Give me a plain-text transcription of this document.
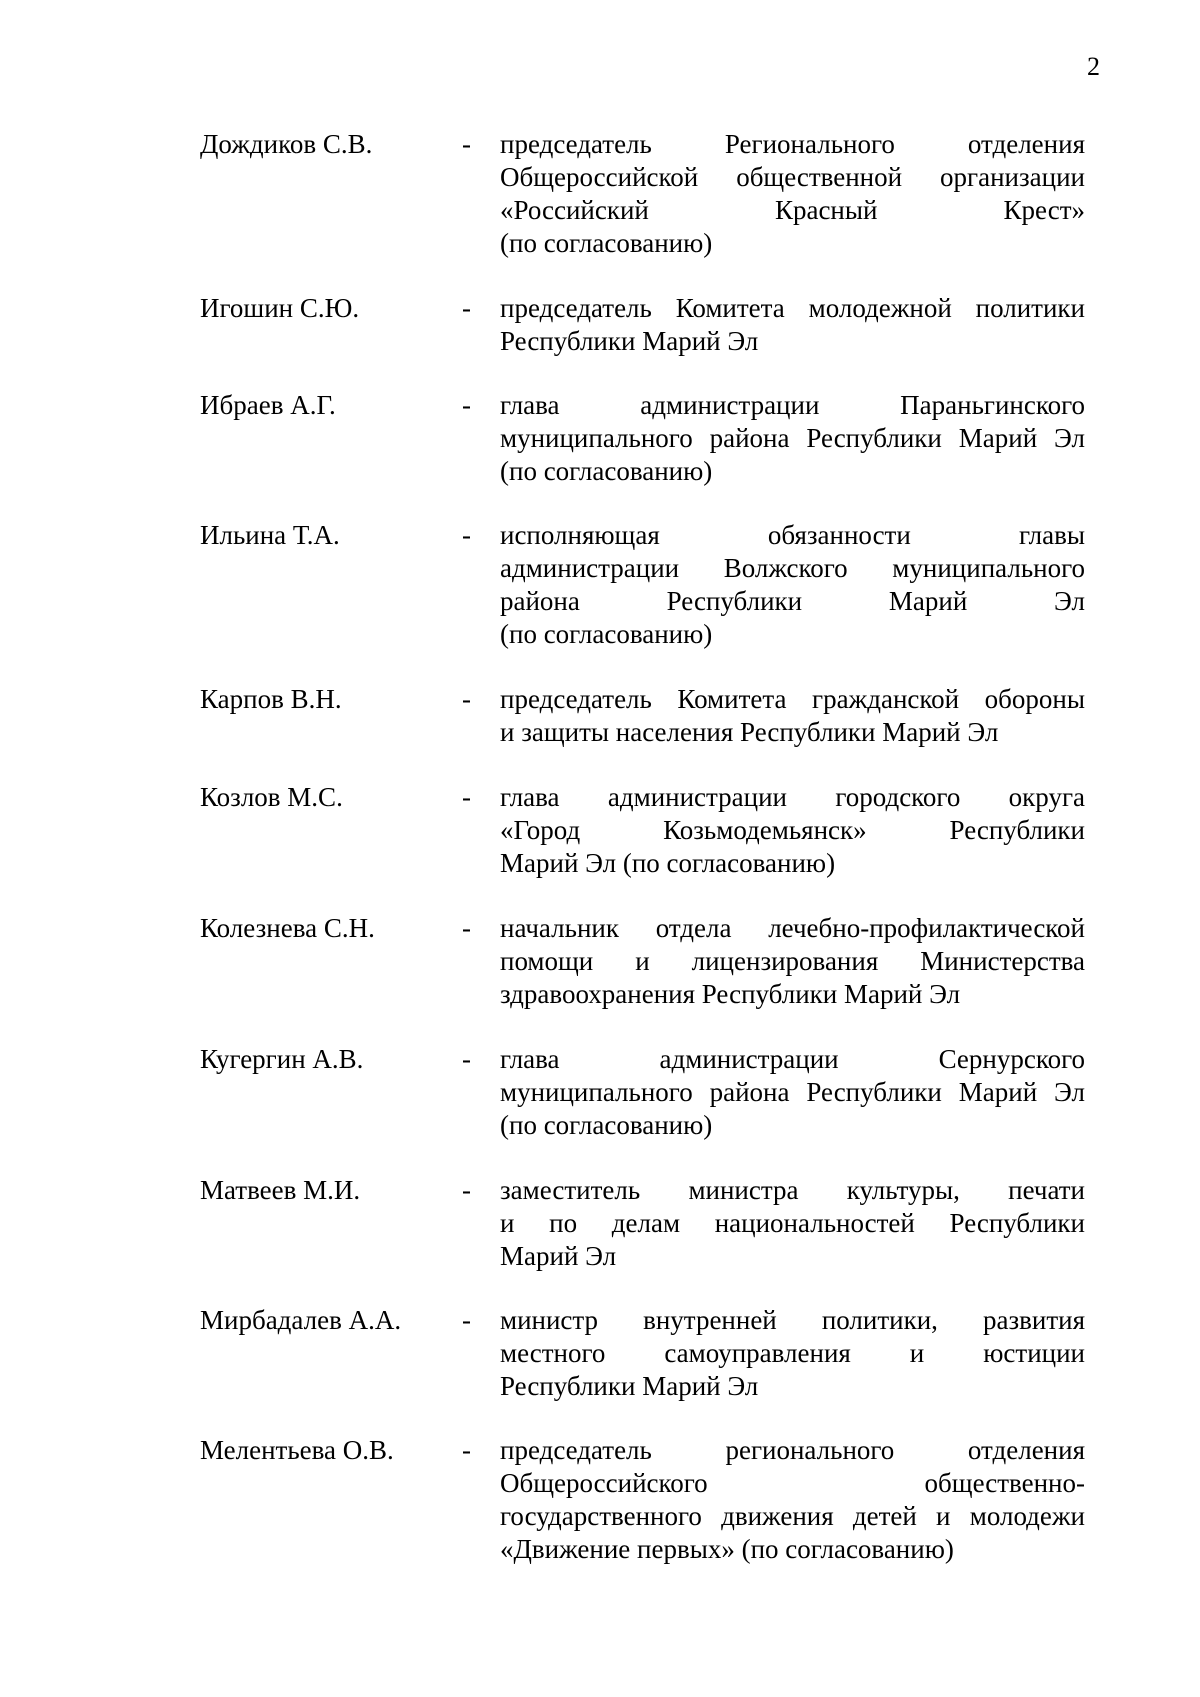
2
Дождиков С.В.	-	председатель Регионального отделения
Общероссийской общественной организации
«Российский Красный Крест»
(по согласованию)
Игошин С.Ю.	-	председатель Комитета молодежной политики
Республики Марий Эл
Ибраев А.Г.	-	глава администрации Параньгинского
муниципального района Республики Марий Эл
(по согласованию)
Ильина Т.А.	-	исполняющая обязанности главы
администрации Волжского муниципального
района Республики Марий Эл
(по согласованию)
Карпов В.Н.	-	председатель Комитета гражданской обороны
и защиты населения Республики Марий Эл
Козлов М.С.	-	глава администрации городского округа
«Город Козьмодемьянск» Республики
Марий Эл (по согласованию)
Колезнева С.Н.	-	начальник отдела лечебно-профилактической
помощи и лицензирования Министерства
здравоохранения Республики Марий Эл
Кугергин А.В.	-	глава администрации Сернурского
муниципального района Республики Марий Эл
(по согласованию)
Матвеев М.И.	-	заместитель министра культуры, печати
и по делам национальностей Республики
Марий Эл
Мирбадалев А.А.	-	министр внутренней политики, развития
местного самоуправления и юстиции
Республики Марий Эл
Мелентьева О.В.	-	председатель регионального отделения
Общероссийского общественно-
государственного движения детей и молодежи
«Движение первых» (по согласованию)
